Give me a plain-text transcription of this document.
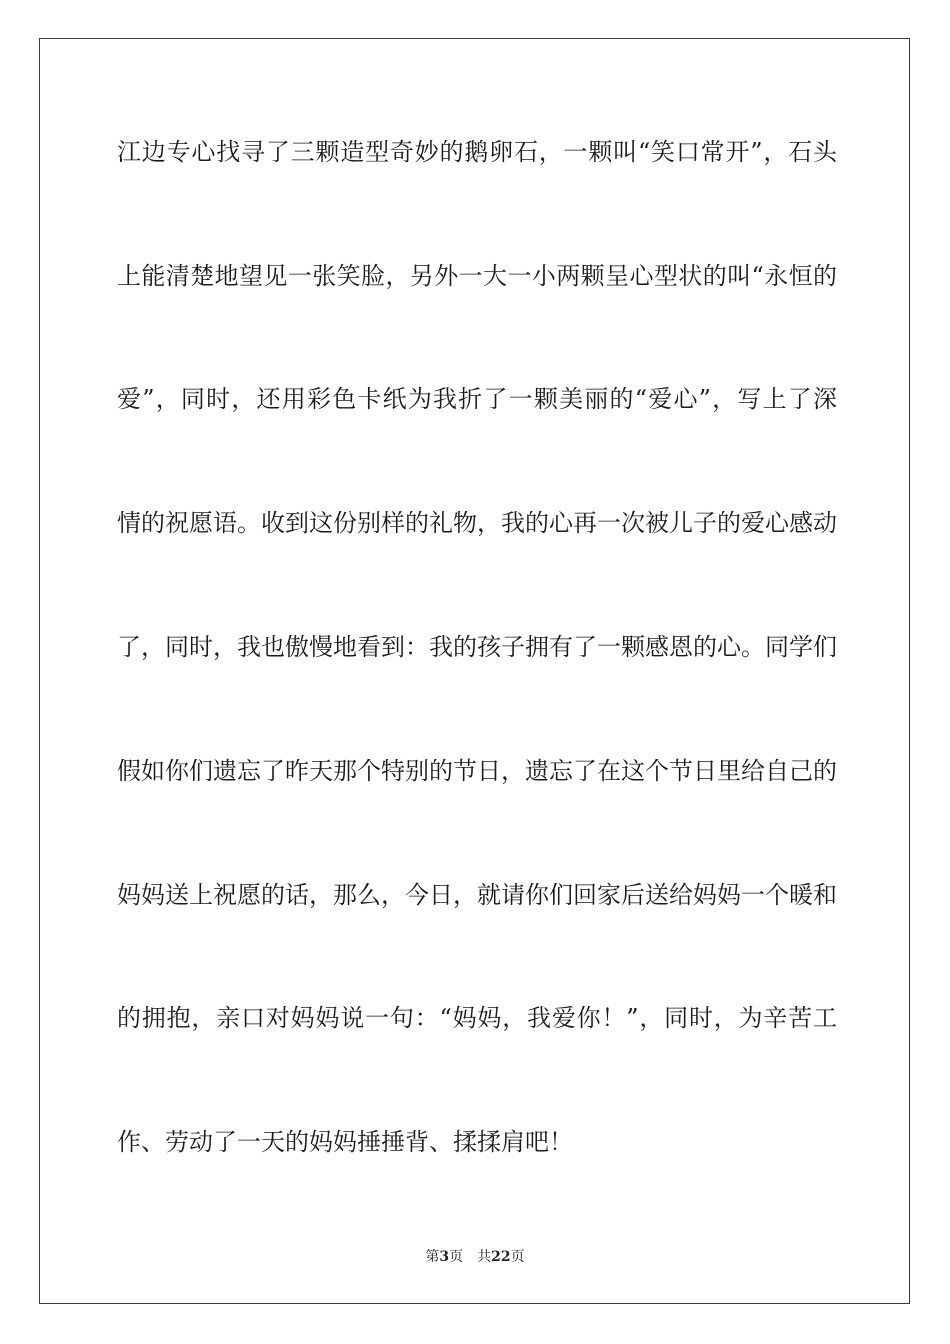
江边专心找寻了三颗造型奇妙的鹅卵石，一颗叫“笑口常开”，石头
上能清楚地望见一张笑脸，另外一大一小两颗呈心型状的叫“永恒的
爱”，同时，还用彩色卡纸为我折了一颗美丽的“爱心”，写上了深
情的祝愿语。收到这份别样的礼物，我的心再一次被儿子的爱心感动
了，同时，我也傲慢地看到：我的孩子拥有了一颗感恩的心。同学们
假如你们遗忘了昨天那个特别的节日，遗忘了在这个节日里给自己的
妈妈送上祝愿的话，那么，今日，就请你们回家后送给妈妈一个暖和
的拥抱，亲口对妈妈说一句：“妈妈，我爱你！”，同时，为辛苦工
作、劳动了一天的妈妈捶捶背、揉揉肩吧！
第3页 共22页
